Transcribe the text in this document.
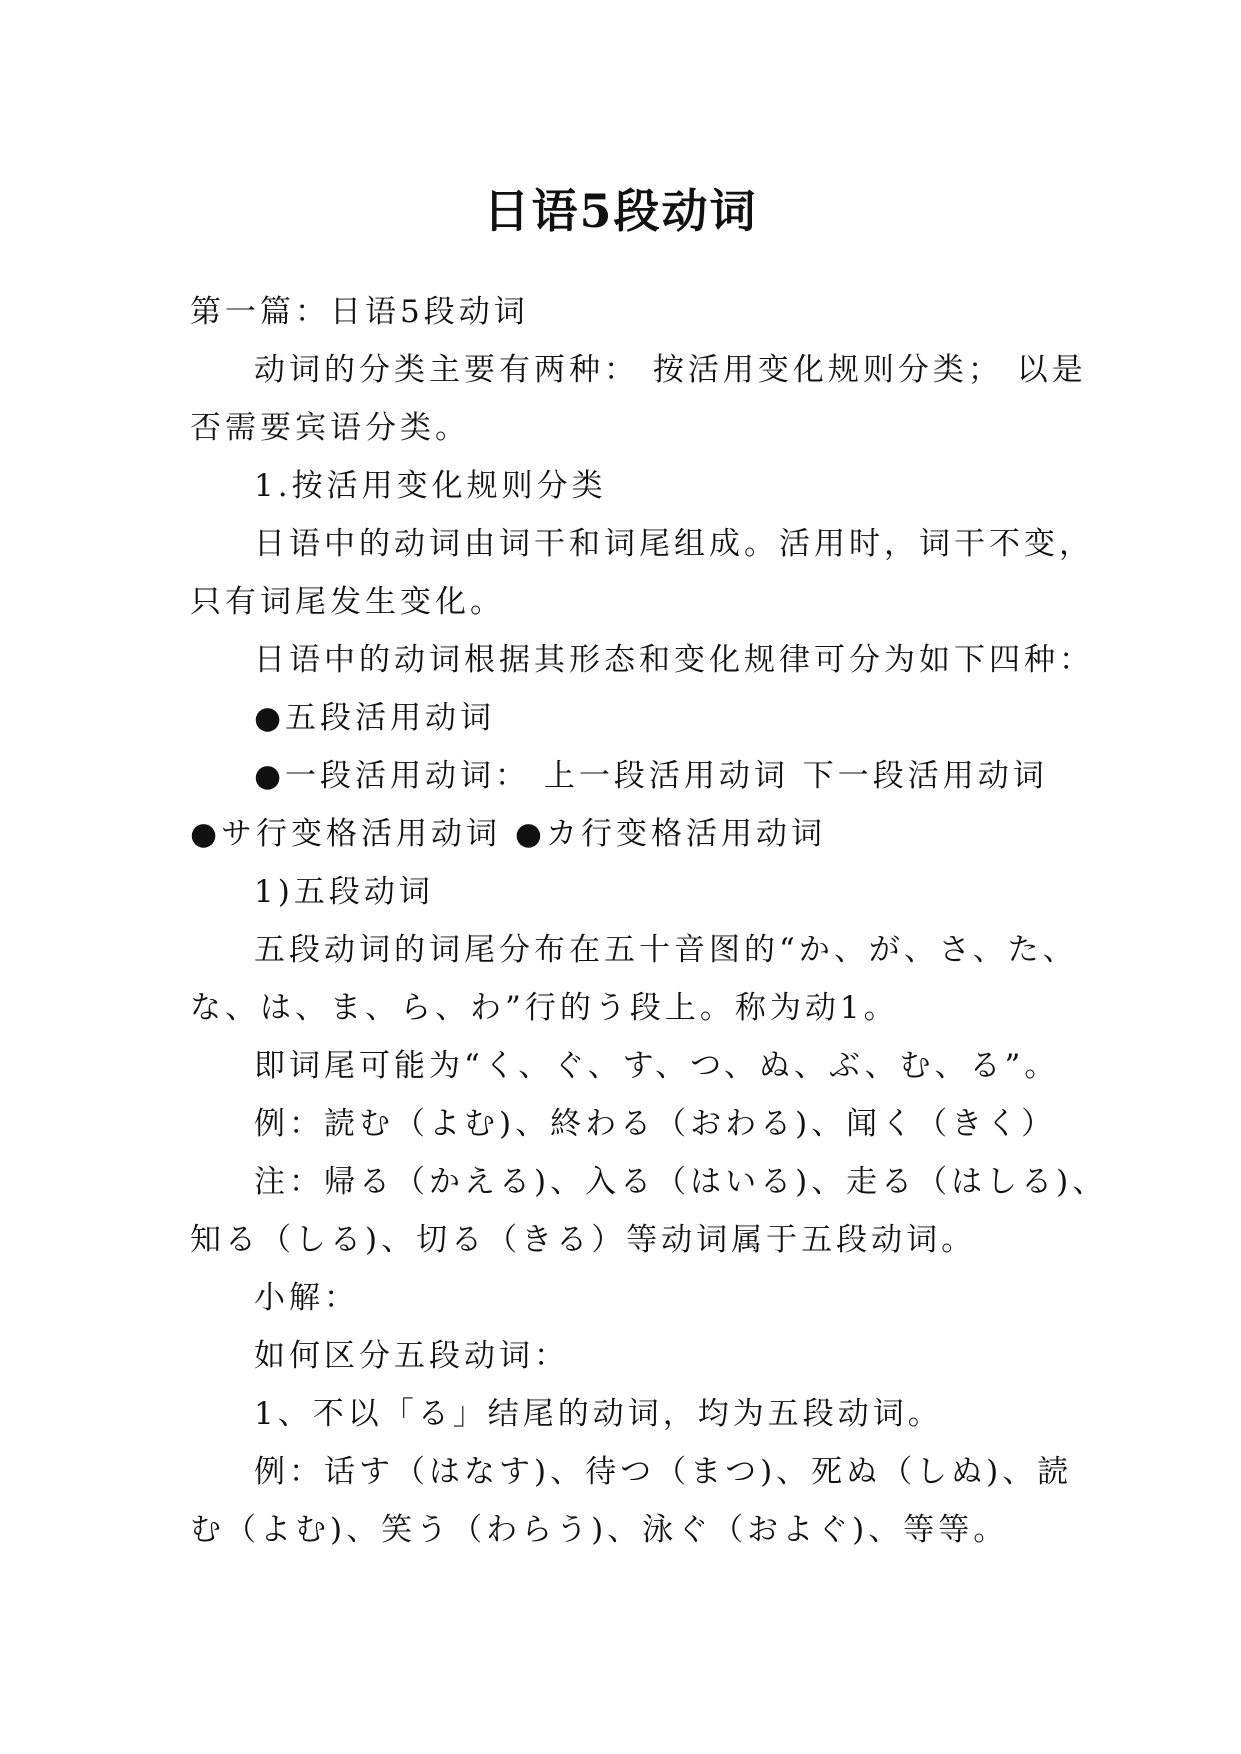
日语5段动词

第一篇：日语5段动词

动词的分类主要有两种： 按活用变化规则分类； 以是

否需要宾语分类。

1.按活用变化规则分类

日语中的动词由词干和词尾组成。活用时，词干不变，

只有词尾发生变化。

日语中的动词根据其形态和变化规律可分为如下四种：

●五段活用动词

●一段活用动词： 上一段活用动词 下一段活用动词

●サ行变格活用动词 ●カ行变格活用动词

1)五段动词

五段动词的词尾分布在五十音图的“か、が、さ、た、

な、は、ま、ら、わ”行的う段上。称为动1。

即词尾可能为“く、ぐ、す、つ、ぬ、ぶ、む、る”。

例：読む（よむ)、終わる（おわる)、闻く（きく）

注：帰る（かえる)、入る（はいる)、走る（はしる)、

知る（しる)、切る（きる）等动词属于五段动词。

小解：

如何区分五段动词：

1、不以「る」结尾的动词，均为五段动词。

例：话す（はなす)、待つ（まつ)、死ぬ（しぬ)、読

む（よむ)、笑う（わらう)、泳ぐ（およぐ)、等等。
